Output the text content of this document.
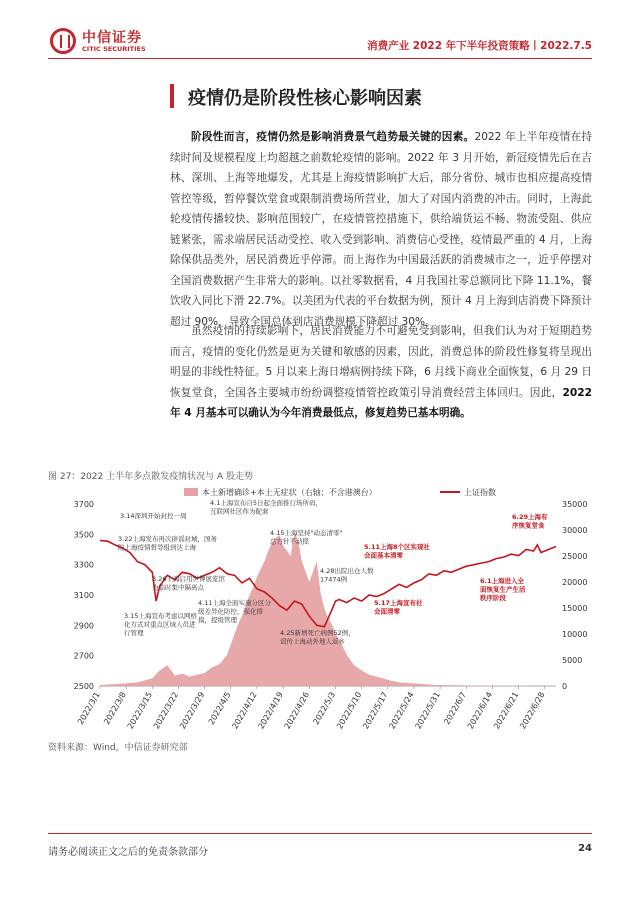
中信证券
CITIC SECURITIES	消费产业 2022 年下半年投资策略丨2022.7.5
疫情仍是阶段性核心影响因素

阶段性而言，疫情仍然是影响消费景气趋势最关键的因素。2022 年上半年疫情在持续时间及规模程度上均超越之前数轮疫情的影响。2022 年 3 月开始，新冠疫情先后在吉林、深圳、上海等地爆发，尤其是上海疫情影响扩大后，部分省份、城市也相应提高疫情管控等级，暂停餐饮堂食或限制消费场所营业，加大了对国内消费的冲击。同时，上海此轮疫情传播较快、影响范围较广，在疫情管控措施下，供给端货运不畅、物流受阻、供应链紧张，需求端居民活动受控、收入受到影响、消费信心受挫，疫情最严重的 4 月，上海除保供品类外，居民消费近乎停滞。而上海作为中国最活跃的消费城市之一，近乎停摆对全国消费数据产生非常大的影响。以社零数据看，4 月我国社零总额同比下降 11.1%，餐饮收入同比下滑 22.7%。以美团为代表的平台数据为例，预计 4 月上海到店消费下降预计超过 90%，导致全国总体到店消费规模下降超过 30%。

虽然疫情的持续影响下，居民消费能力不可避免受到影响，但我们认为对于短期趋势而言，疫情的变化仍然是更为关键和敏感的因素，因此，消费总体的阶段性修复将呈现出明显的非线性特征。5 月以来上海日增病例持续下降，6 月线下商业全面恢复，6 月 29 日恢复堂食，全国各主要城市纷纷调整疫情管控政策引导消费经营主体回归。因此，2022 年 4 月基本可以确认为今年消费最低点，修复趋势已基本明确。

图 27：2022 上半年多点散发疫情状况与 A 股走势
本土新增确诊+本土无症状（右轴；不含港澳台）	上证指数
2500
2700
2900
3100
3300
3500
3700
0
5000
10000
15000
20000
25000
30000
35000
2022/3/1 2022/3/8
2022/3/15
2022/3/22
2022/3/29 2022/4/5
2022/4/12
2022/4/19
2022/4/26 2022/5/3
2022/5/10
2022/5/17
2022/5/24
2022/5/31 2022/6/7
2022/6/14
2022/6/21
2022/6/28
3.14深圳开始封控一周
3.22上海发布再次辟谣封城，国务院上海疫情督导组到达上海
3.26上海启用世博展览馆为临时集中隔离点
3.15上海宣布考虑以网格化方式对重点区域人员进行管理
4.1上海宣布自5日起全面推行场所码，互联网社区作为配套
4.15上海坚持"动态清零"总方针不动摇
4.11上海全面实施分区分级差异化防控，强化排摸，提级管理
4.28出院出仓人数 17474例
4.25新增死亡病例52例，谣传上海动外地人返乡
5.11上海8个区实现社会面基本清零
5.17上海宣布社会面清零
6.1上海进入全面恢复生产生活秩序阶段
6.29上海有序恢复堂食
资料来源：Wind，中信证券研究部
请务必阅读正文之后的免责条款部分	24
